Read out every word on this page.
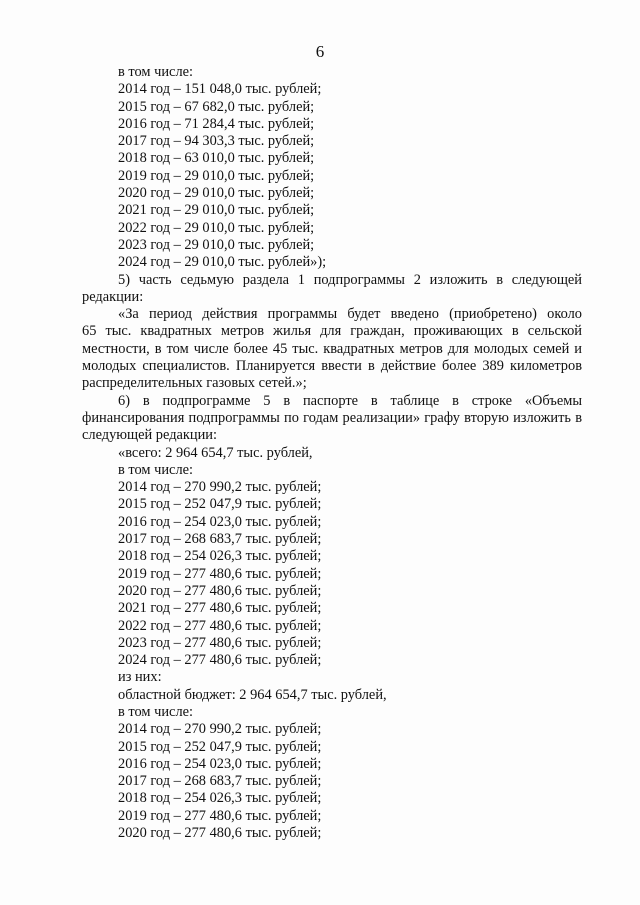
6
в том числе:
2014 год – 151 048,0 тыс. рублей;
2015 год – 67 682,0 тыс. рублей;
2016 год – 71 284,4 тыс. рублей;
2017 год – 94 303,3 тыс. рублей;
2018 год – 63 010,0 тыс. рублей;
2019 год – 29 010,0 тыс. рублей;
2020 год – 29 010,0 тыс. рублей;
2021 год – 29 010,0 тыс. рублей;
2022 год – 29 010,0 тыс. рублей;
2023 год – 29 010,0 тыс. рублей;
2024 год – 29 010,0 тыс. рублей»);
5) часть седьмую раздела 1 подпрограммы 2 изложить в следующей
редакции:
«За период действия программы будет введено (приобретено) около
65 тыс. квадратных метров жилья для граждан, проживающих в сельской
местности, в том числе более 45 тыс. квадратных метров для молодых семей и
молодых специалистов. Планируется ввести в действие более 389 километров
распределительных газовых сетей.»;
6) в подпрограмме 5 в паспорте в таблице в строке «Объемы
финансирования подпрограммы по годам реализации» графу вторую изложить в
следующей редакции:
«всего: 2 964 654,7 тыс. рублей,
в том числе:
2014 год – 270 990,2 тыс. рублей;
2015 год – 252 047,9 тыс. рублей;
2016 год – 254 023,0 тыс. рублей;
2017 год – 268 683,7 тыс. рублей;
2018 год – 254 026,3 тыс. рублей;
2019 год – 277 480,6 тыс. рублей;
2020 год – 277 480,6 тыс. рублей;
2021 год – 277 480,6 тыс. рублей;
2022 год – 277 480,6 тыс. рублей;
2023 год – 277 480,6 тыс. рублей;
2024 год – 277 480,6 тыс. рублей;
из них:
областной бюджет: 2 964 654,7 тыс. рублей,
в том числе:
2014 год – 270 990,2 тыс. рублей;
2015 год – 252 047,9 тыс. рублей;
2016 год – 254 023,0 тыс. рублей;
2017 год – 268 683,7 тыс. рублей;
2018 год – 254 026,3 тыс. рублей;
2019 год – 277 480,6 тыс. рублей;
2020 год – 277 480,6 тыс. рублей;
